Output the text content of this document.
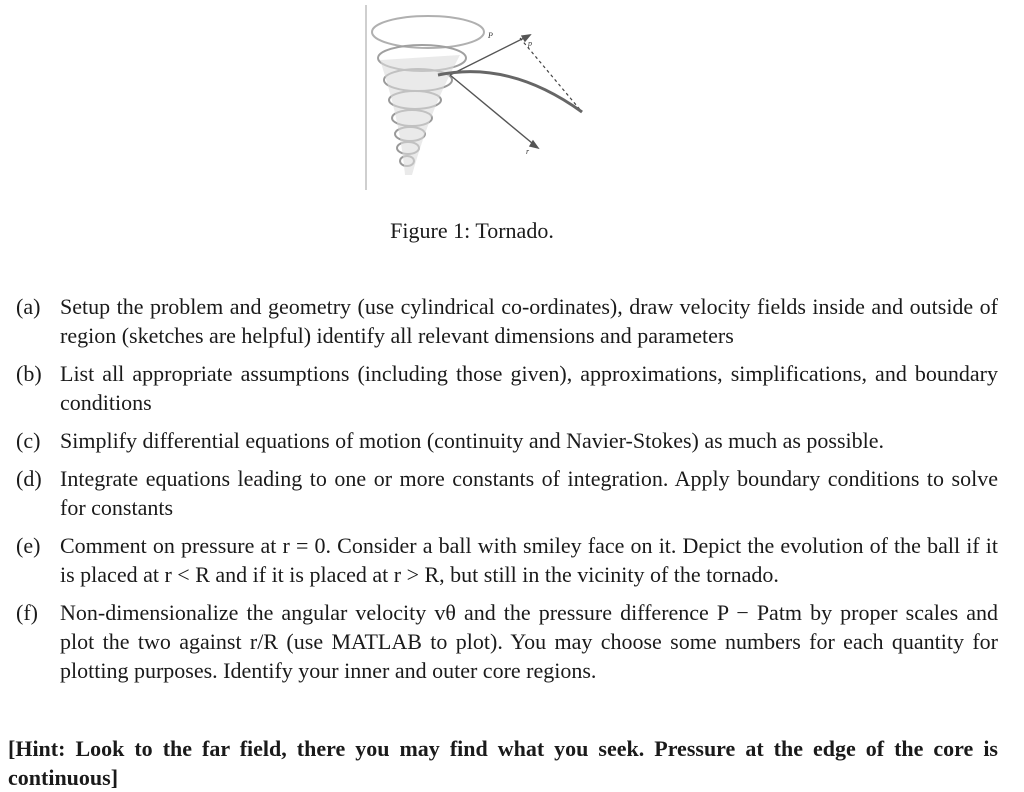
P
p
r
Figure 1: Tornado.
(a) Setup the problem and geometry (use cylindrical co-ordinates), draw velocity fields inside and outside of region (sketches are helpful) identify all relevant dimensions and parameters
(b) List all appropriate assumptions (including those given), approximations, simplifications, and boundary conditions
(c) Simplify differential equations of motion (continuity and Navier-Stokes) as much as possible.
(d) Integrate equations leading to one or more constants of integration. Apply boundary conditions to solve for constants
(e) Comment on pressure at r = 0. Consider a ball with smiley face on it. Depict the evolution of the ball if it is placed at r < R and if it is placed at r > R, but still in the vicinity of the tornado.
(f)	Non-dimensionalize the angular velocity vθ and the pressure difference P − Patm by proper scales and plot the two against r/R (use MATLAB to plot). You may choose some numbers for each quantity for plotting purposes. Identify your inner and outer core regions.
[Hint: Look to the far field, there you may find what you seek. Pressure at the edge of the core is continuous]
